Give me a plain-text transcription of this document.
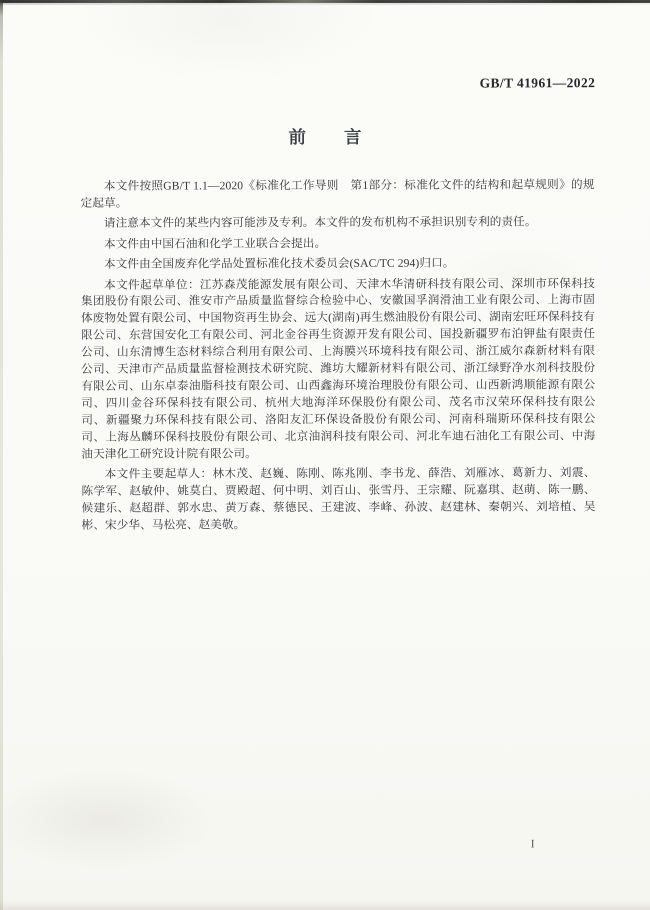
GB/T 41961—2022
前　　言

本文件按照GB/T 1.1—2020《标准化工作导则　第1部分：标准化文件的结构和起草规则》的规定起草。

请注意本文件的某些内容可能涉及专利。本文件的发布机构不承担识别专利的责任。

本文件由中国石油和化学工业联合会提出。

本文件由全国废弃化学品处置标准化技术委员会(SAC/TC 294)归口。

本文件起草单位：江苏森茂能源发展有限公司、天津木华清研科技有限公司、深圳市环保科技集团股份有限公司、淮安市产品质量监督综合检验中心、安徽国孚润滑油工业有限公司、上海市固体废物处置有限公司、中国物资再生协会、远大(湖南)再生燃油股份有限公司、湖南宏旺环保科技有限公司、东营国安化工有限公司、河北金谷再生资源开发有限公司、国投新疆罗布泊钾盐有限责任公司、山东清博生态材料综合利用有限公司、上海膜兴环境科技有限公司、浙江威尔森新材料有限公司、天津市产品质量监督检测技术研究院、潍坊大耀新材料有限公司、浙江绿野净水剂科技股份有限公司、山东卓泰油脂科技有限公司、山西鑫海环境治理股份有限公司、山西新鸿顺能源有限公司、四川金谷环保科技有限公司、杭州大地海洋环保股份有限公司、茂名市汉荣环保科技有限公司、新疆聚力环保科技有限公司、洛阳友汇环保设备股份有限公司、河南科瑞斯环保科技有限公司、上海丛麟环保科技股份有限公司、北京油润科技有限公司、河北车迪石油化工有限公司、中海油天津化工研究设计院有限公司。

本文件主要起草人：林木茂、赵巍、陈刚、陈兆刚、李书龙、薛浩、刘雁冰、葛新力、刘震、陈学军、赵敏仲、姚莫白、贾殿超、何中明、刘百山、张雪丹、王宗耀、阮嘉琪、赵萌、陈一鹏、候建乐、赵超群、郭水忠、黄万森、蔡德民、王建波、李峰、孙波、赵建林、秦朝兴、刘培植、吴彬、宋少华、马松亮、赵美敬。

I
